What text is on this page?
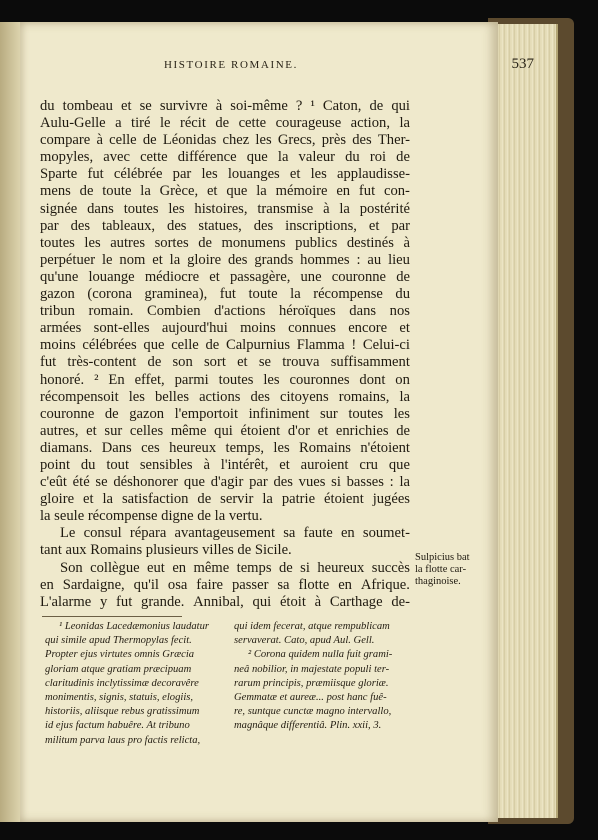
HISTOIRE ROMAINE.	537
du tombeau et se survivre à soi-même ? ¹ Caton, de qui
Aulu-Gelle a tiré le récit de cette courageuse action, la
compare à celle de Léonidas chez les Grecs, près des Ther-
mopyles, avec cette différence que la valeur du roi de
Sparte fut célébrée par les louanges et les applaudisse-
mens de toute la Grèce, et que la mémoire en fut con-
signée dans toutes les histoires, transmise à la postérité
par des tableaux, des statues, des inscriptions, et par
toutes les autres sortes de monumens publics destinés à
perpétuer le nom et la gloire des grands hommes : au lieu
qu'une louange médiocre et passagère, une couronne de
gazon (corona graminea), fut toute la récompense du
tribun romain. Combien d'actions héroïques dans nos
armées sont-elles aujourd'hui moins connues encore et
moins célébrées que celle de Calpurnius Flamma ! Celui-ci
fut très-content de son sort et se trouva suffisamment
honoré. ² En effet, parmi toutes les couronnes dont on
récompensoit les belles actions des citoyens romains, la
couronne de gazon l'emportoit infiniment sur toutes les
autres, et sur celles même qui étoient d'or et enrichies de
diamans. Dans ces heureux temps, les Romains n'étoient
point du tout sensibles à l'intérêt, et auroient cru que
c'eût été se déshonorer que d'agir par des vues si basses : la
gloire et la satisfaction de servir la patrie étoient jugées
la seule récompense digne de la vertu.
Le consul répara avantageusement sa faute en soumet-
tant aux Romains plusieurs villes de Sicile.
Son collègue eut en même temps de si heureux succès
en Sardaigne, qu'il osa faire passer sa flotte en Afrique.
L'alarme y fut grande. Annibal, qui étoit à Carthage de-
Sulpicius bat
la flotte car-
thaginoise.
¹ Leonidas Lacedæmonius laudatur
qui simile apud Thermopylas fecit.
Propter ejus virtutes omnis Græcia
gloriam atque gratiam præcipuam
claritudinis inclytissimæ decoravêre
monimentis, signis, statuis, elogiis,
historiis, aliisque rebus gratissimum
id ejus factum habuêre. At tribuno
militum parva laus pro factis relicta,
qui idem fecerat, atque rempublicam
servaverat. Cato, apud Aul. Gell.
² Corona quidem nulla fuit grami-
neâ nobilior, in majestate populi ter-
rarum principis, præmiisque gloriæ.
Gemmatæ et aureæ... post hanc fuê-
re, suntque cunctæ magno intervallo,
magnâque differentiâ. Plin. xxii, 3.
